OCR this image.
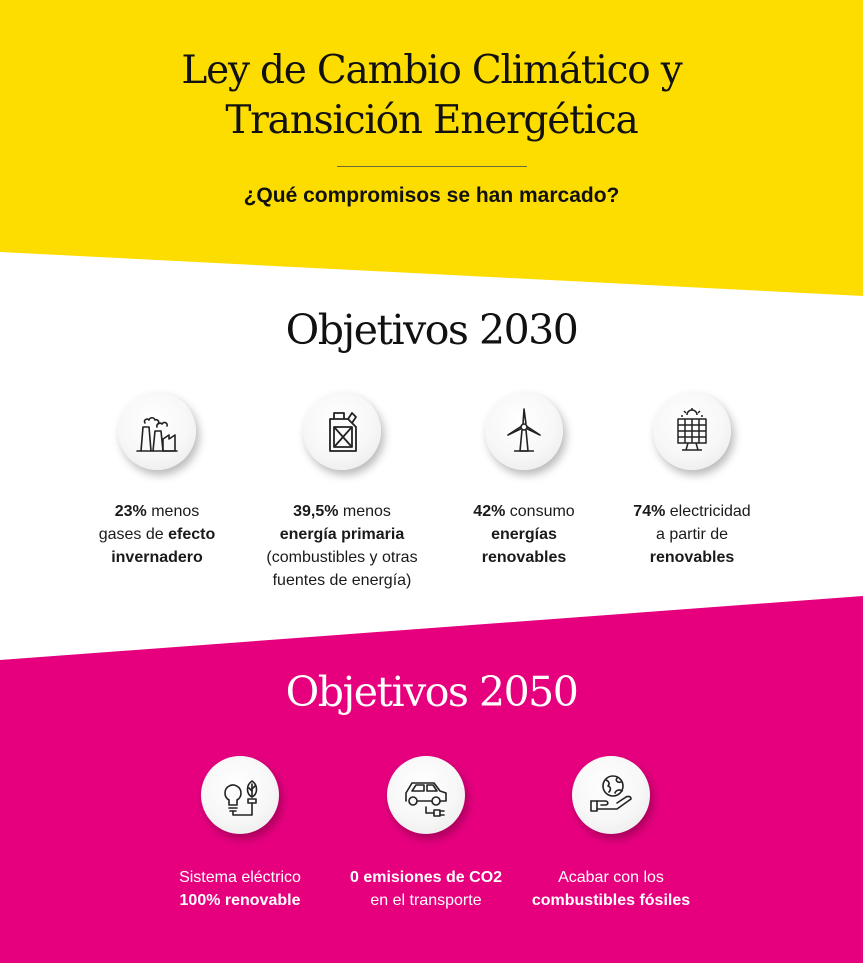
Ley de Cambio Climático y
Transición Energética
¿Qué compromisos se han marcado?
Objetivos 2030
23% menos
gases de efecto
invernadero
39,5% menos
energía primaria
(combustibles y otras
fuentes de energía)
42% consumo
energías
renovables
74% electricidad
a partir de
renovables
Objetivos 2050
Sistema eléctrico
100% renovable
0 emisiones de CO2
en el transporte
Acabar con los
combustibles fósiles
